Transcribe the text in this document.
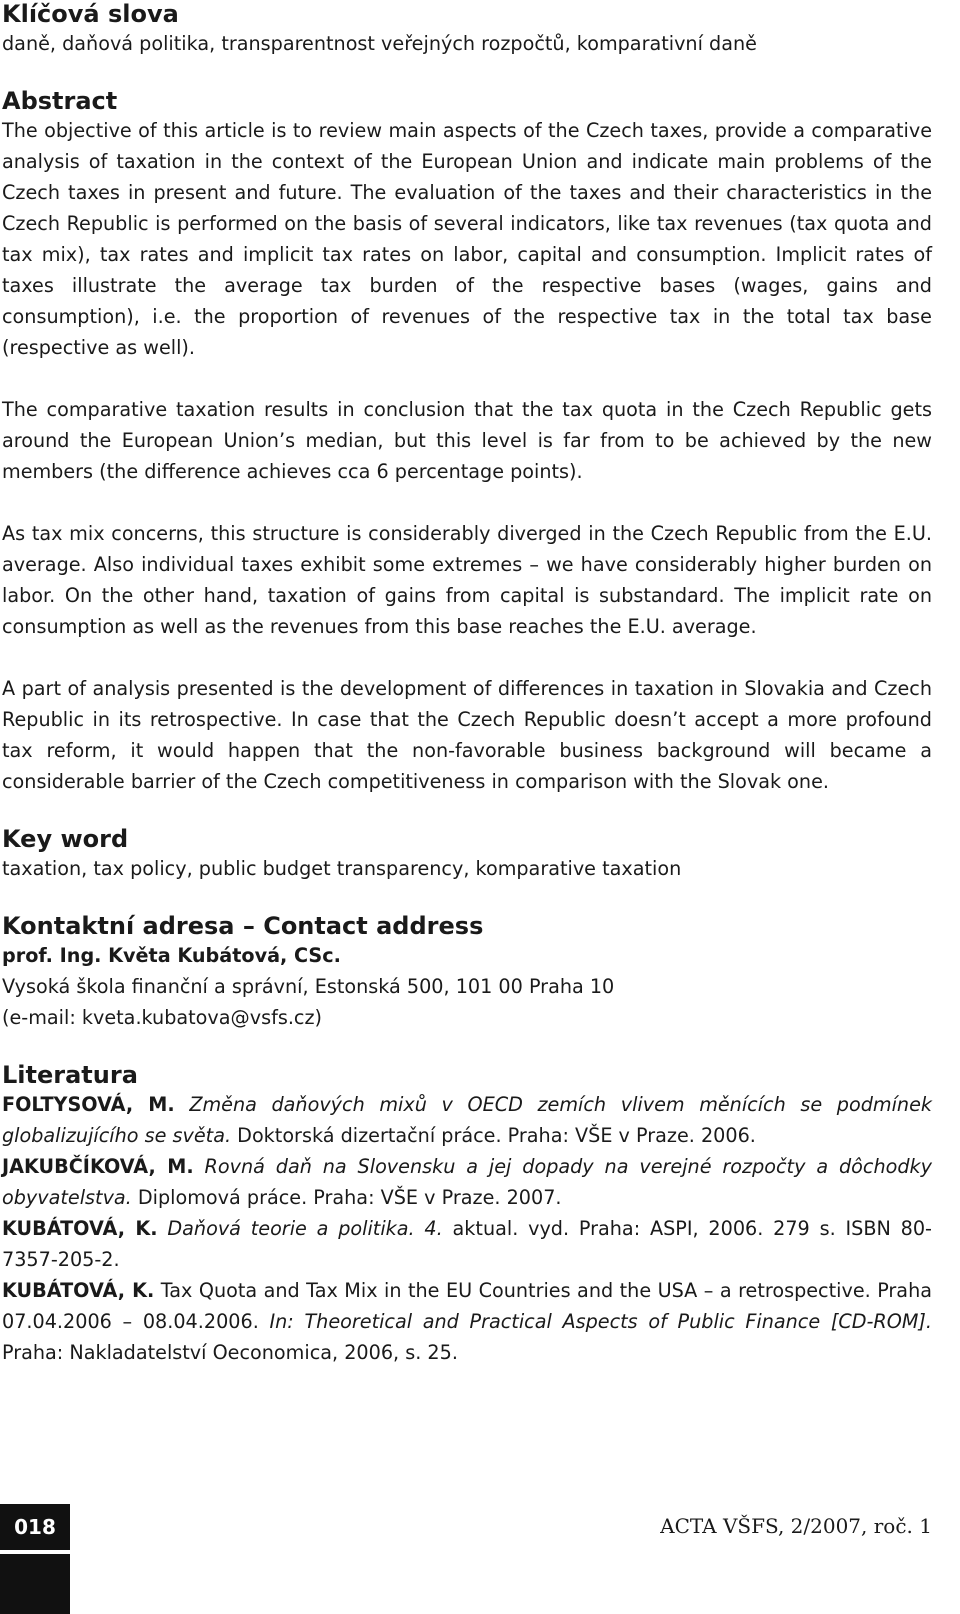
Klíčová slova

daně, daňová politika, transparentnost veřejných rozpočtů, komparativní daně

Abstract

The objective of this article is to review main aspects of the Czech taxes, provide a comparative analysis of taxation in the context of the European Union and indicate main problems of the Czech taxes in present and future. The evaluation of the taxes and their characteristics in the Czech Republic is performed on the basis of several indicators, like tax revenues (tax quota and tax mix), tax rates and implicit tax rates on labor, capital and consumption. Implicit rates of taxes illustrate the average tax burden of the respective bases (wages, gains and consumption), i.e. the proportion of revenues of the respective tax in the total tax base (respective as well).

The comparative taxation results in conclusion that the tax quota in the Czech Republic gets around the European Union’s median, but this level is far from to be achieved by the new members (the difference achieves cca 6 percentage points).

As tax mix concerns, this structure is considerably diverged in the Czech Republic from the E.U. average. Also individual taxes exhibit some extremes – we have considerably higher burden on labor. On the other hand, taxation of gains from capital is substandard. The implicit rate on consumption as well as the revenues from this base reaches the E.U. average.

A part of analysis presented is the development of differences in taxation in Slovakia and Czech Republic in its retrospective. In case that the Czech Republic doesn’t accept a more profound tax reform, it would happen that the non-favorable business background will became a considerable barrier of the Czech competitiveness in comparison with the Slovak one.

Key word

taxation, tax policy, public budget transparency, komparative taxation

Kontaktní adresa – Contact address

prof. Ing. Květa Kubátová, CSc.

Vysoká škola finanční a správní, Estonská 500, 101 00 Praha 10

(e-mail: kveta.kubatova@vsfs.cz)

Literatura

FOLTYSOVÁ, M. Změna daňových mixů v OECD zemích vlivem měnících se podmínek globalizujícího se světa. Doktorská dizertační práce. Praha: VŠE v Praze. 2006.

JAKUBČÍKOVÁ, M. Rovná daň na Slovensku a jej dopady na verejné rozpočty a dôchodky obyvatelstva. Diplomová práce. Praha: VŠE v Praze. 2007.

KUBÁTOVÁ, K. Daňová teorie a politika. 4. aktual. vyd. Praha: ASPI, 2006. 279 s. ISBN 80-7357-205-2.

KUBÁTOVÁ, K. Tax Quota and Tax Mix in the EU Countries and the USA – a retrospective. Praha 07.04.2006 – 08.04.2006. In: Theoretical and Practical Aspects of Public Finance [CD-ROM]. Praha: Nakladatelství Oeconomica, 2006, s. 25.

018	ACTA VŠFS, 2/2007, roč. 1
